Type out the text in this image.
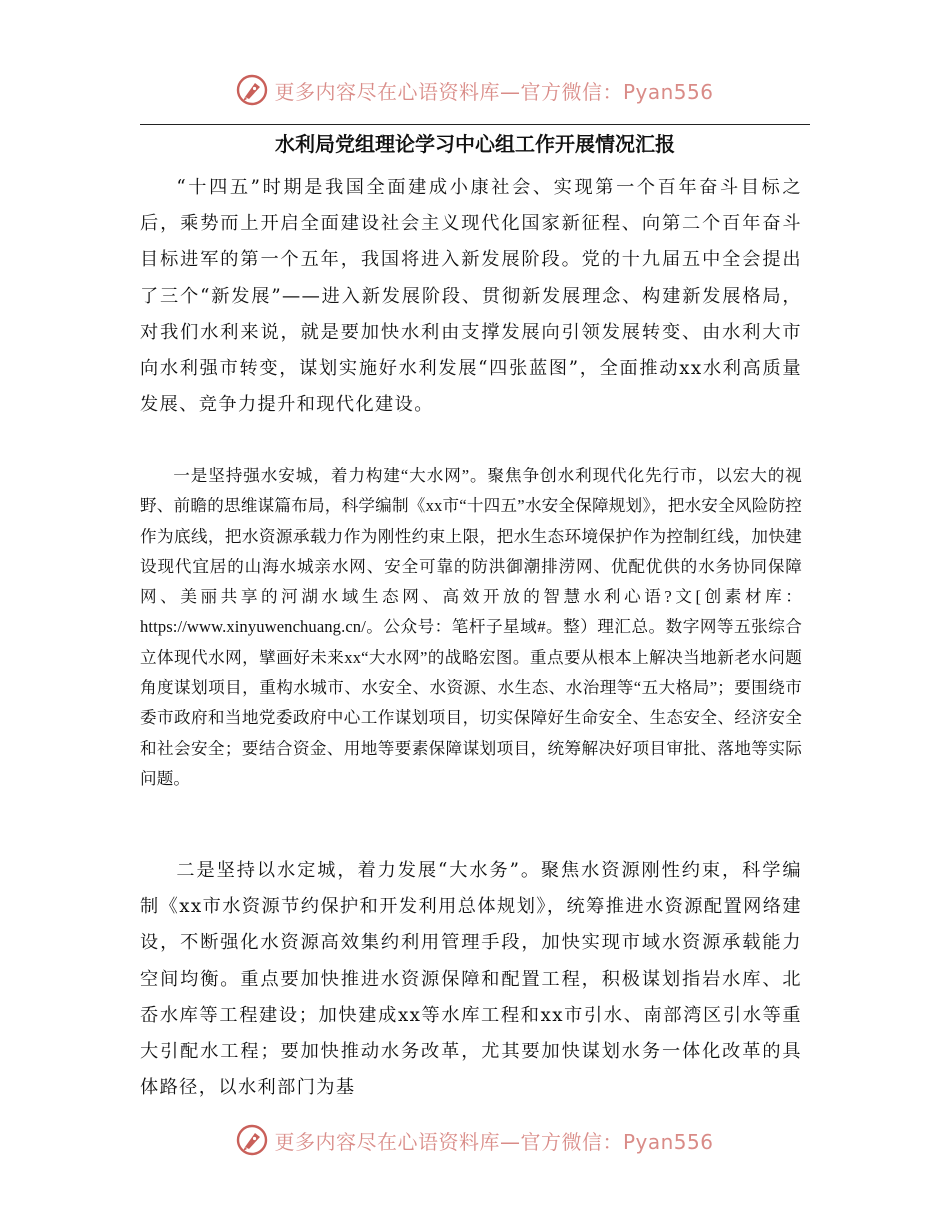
更多内容尽在心语资料库—官方微信：Pyan556
水利局党组理论学习中心组工作开展情况汇报

“十四五”时期是我国全面建成小康社会、实现第一个百年奋斗目标之后，乘势而上开启全面建设社会主义现代化国家新征程、向第二个百年奋斗目标进军的第一个五年，我国将进入新发展阶段。党的十九届五中全会提出了三个“新发展”——进入新发展阶段、贯彻新发展理念、构建新发展格局，对我们水利来说，就是要加快水利由支撑发展向引领发展转变、由水利大市向水利强市转变，谋划实施好水利发展“四张蓝图”，全面推动xx水利高质量发展、竞争力提升和现代化建设。

一是坚持强水安城，着力构建“大水网”。聚焦争创水利现代化先行市，以宏大的视野、前瞻的思维谋篇布局，科学编制《xx市“十四五”水安全保障规划》，把水安全风险防控作为底线，把水资源承载力作为刚性约束上限，把水生态环境保护作为控制红线，加快建设现代宜居的山海水城亲水网、安全可靠的防洪御潮排涝网、优配优供的水务协同保障网、美丽共享的河湖水域生态网、高效开放的智慧水利心语?文[创素材库：https://www.xinyuwenchuang.cn/。公众号：笔杆子星域#。整）理汇总。数字网等五张综合立体现代水网，擘画好未来xx“大水网”的战略宏图。重点要从根本上解决当地新老水问题角度谋划项目，重构水城市、水安全、水资源、水生态、水治理等“五大格局”；要围绕市委市政府和当地党委政府中心工作谋划项目，切实保障好生命安全、生态安全、经济安全和社会安全；要结合资金、用地等要素保障谋划项目，统筹解决好项目审批、落地等实际问题。

二是坚持以水定城，着力发展“大水务”。聚焦水资源刚性约束，科学编制《xx市水资源节约保护和开发利用总体规划》，统筹推进水资源配置网络建设，不断强化水资源高效集约利用管理手段，加快实现市域水资源承载能力空间均衡。重点要加快推进水资源保障和配置工程，积极谋划指岩水库、北岙水库等工程建设；加快建成xx等水库工程和xx市引水、南部湾区引水等重大引配水工程；要加快推动水务改革，尤其要加快谋划水务一体化改革的具体路径，以水利部门为基

更多内容尽在心语资料库—官方微信：Pyan556
